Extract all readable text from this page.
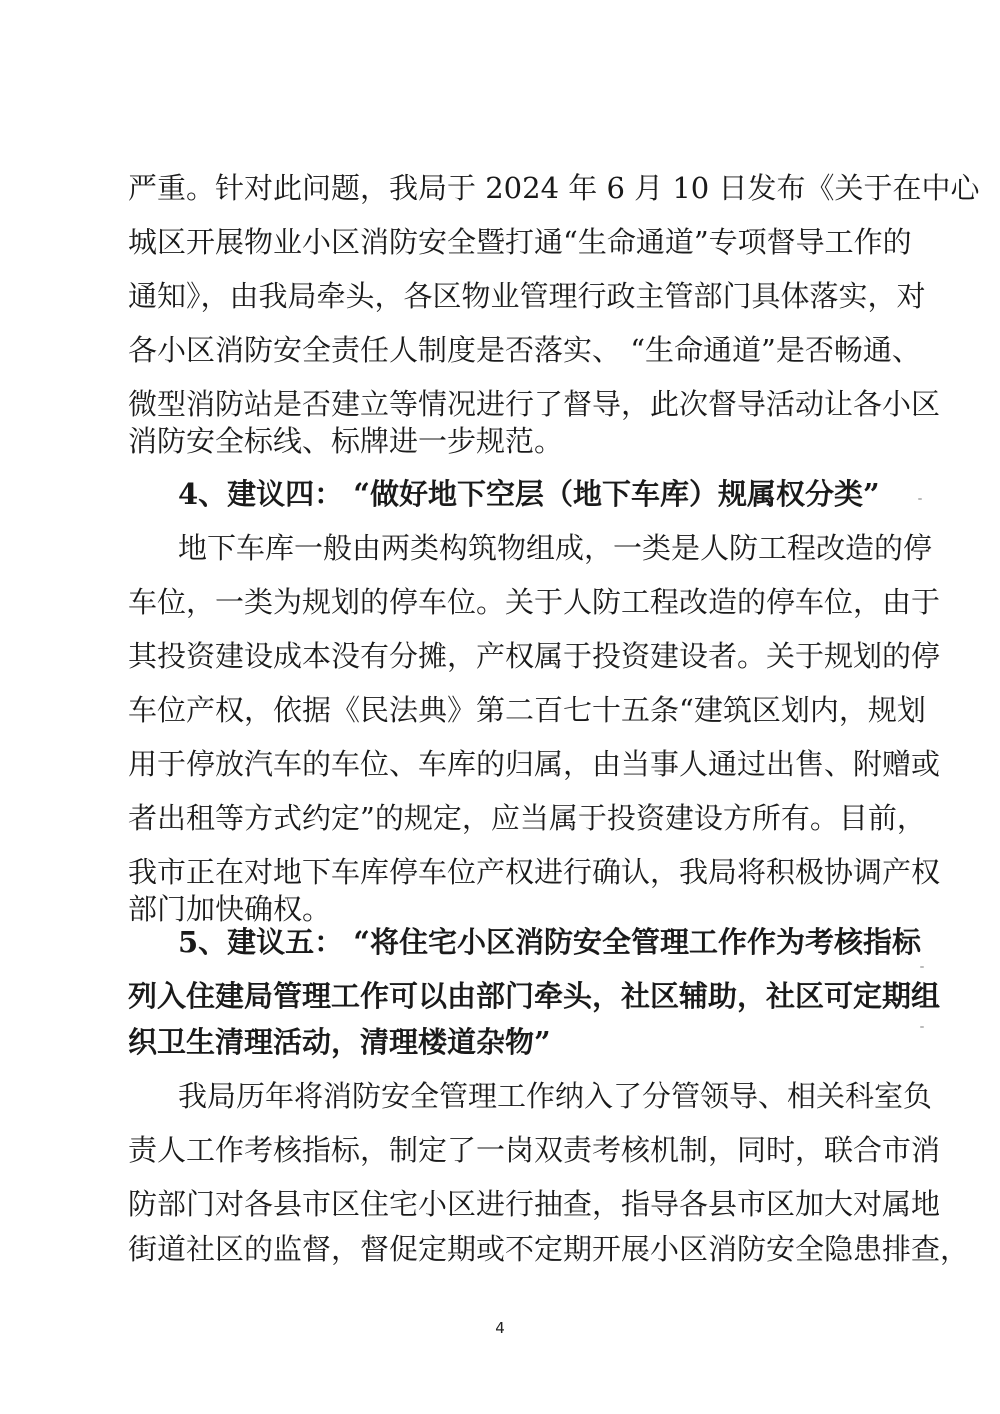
严重。针对此问题，我局于 2024 年 6 月 10 日发布《关于在中心
城区开展物业小区消防安全暨打通“生命通道”专项督导工作的
通知》，由我局牵头，各区物业管理行政主管部门具体落实，对
各小区消防安全责任人制度是否落实、 “生命通道”是否畅通、
微型消防站是否建立等情况进行了督导，此次督导活动让各小区
消防安全标线、标牌进一步规范。
4、建议四： “做好地下空层（地下车库）规属权分类”
地下车库一般由两类构筑物组成，一类是人防工程改造的停
车位，一类为规划的停车位。关于人防工程改造的停车位，由于
其投资建设成本没有分摊，产权属于投资建设者。关于规划的停
车位产权，依据《民法典》第二百七十五条“建筑区划内，规划
用于停放汽车的车位、车库的归属，由当事人通过出售、附赠或
者出租等方式约定”的规定，应当属于投资建设方所有。目前，
我市正在对地下车库停车位产权进行确认，我局将积极协调产权
部门加快确权。
5、建议五： “将住宅小区消防安全管理工作作为考核指标
列入住建局管理工作可以由部门牵头，社区辅助，社区可定期组
织卫生清理活动，清理楼道杂物”
我局历年将消防安全管理工作纳入了分管领导、相关科室负
责人工作考核指标，制定了一岗双责考核机制，同时，联合市消
防部门对各县市区住宅小区进行抽查，指导各县市区加大对属地
街道社区的监督，督促定期或不定期开展小区消防安全隐患排查，
4
